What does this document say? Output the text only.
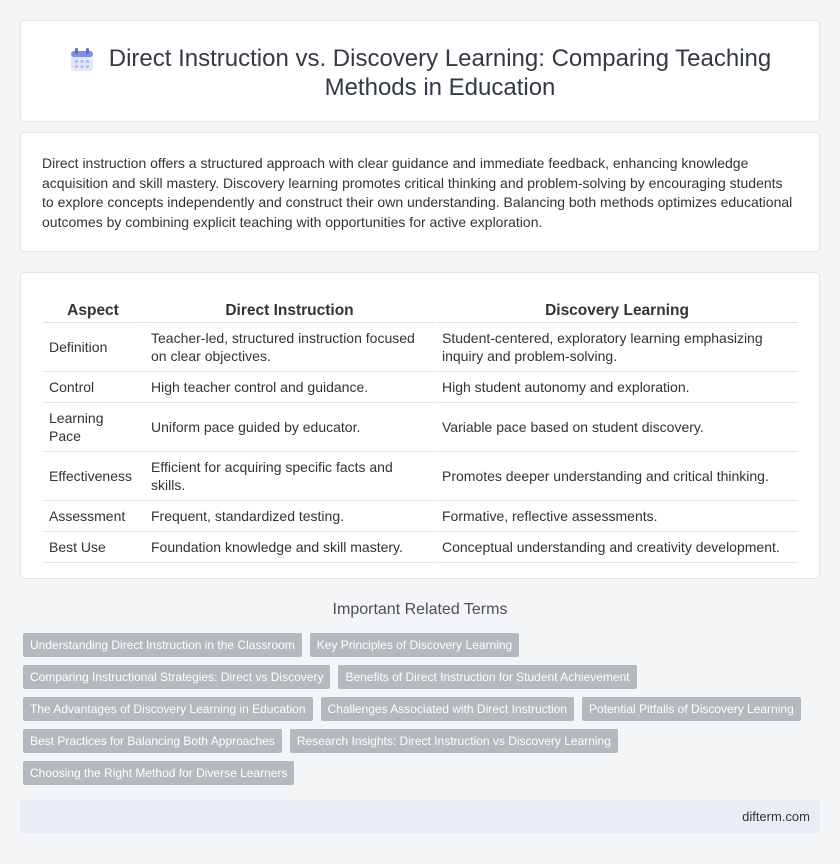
Direct Instruction vs. Discovery Learning: Comparing Teaching Methods in Education

Direct instruction offers a structured approach with clear guidance and immediate feedback, enhancing knowledge acquisition and skill mastery. Discovery learning promotes critical thinking and problem-solving by encouraging students to explore concepts independently and construct their own understanding. Balancing both methods optimizes educational outcomes by combining explicit teaching with opportunities for active exploration.

Aspect	Direct Instruction	Discovery Learning
Definition	Teacher-led, structured instruction focused on clear objectives.	Student-centered, exploratory learning emphasizing inquiry and problem-solving.
Control	High teacher control and guidance.	High student autonomy and exploration.
Learning Pace	Uniform pace guided by educator.	Variable pace based on student discovery.
Effectiveness	Efficient for acquiring specific facts and skills.	Promotes deeper understanding and critical thinking.
Assessment	Frequent, standardized testing.	Formative, reflective assessments.
Best Use	Foundation knowledge and skill mastery.	Conceptual understanding and creativity development.
Important Related Terms
Understanding Direct Instruction in the Classroom	Key Principles of Discovery Learning
Comparing Instructional Strategies: Direct vs Discovery	Benefits of Direct Instruction for Student Achievement
The Advantages of Discovery Learning in Education	Challenges Associated with Direct Instruction	Potential Pitfalls of Discovery Learning
Best Practices for Balancing Both Approaches	Research Insights: Direct Instruction vs Discovery Learning
Choosing the Right Method for Diverse Learners
difterm.com
